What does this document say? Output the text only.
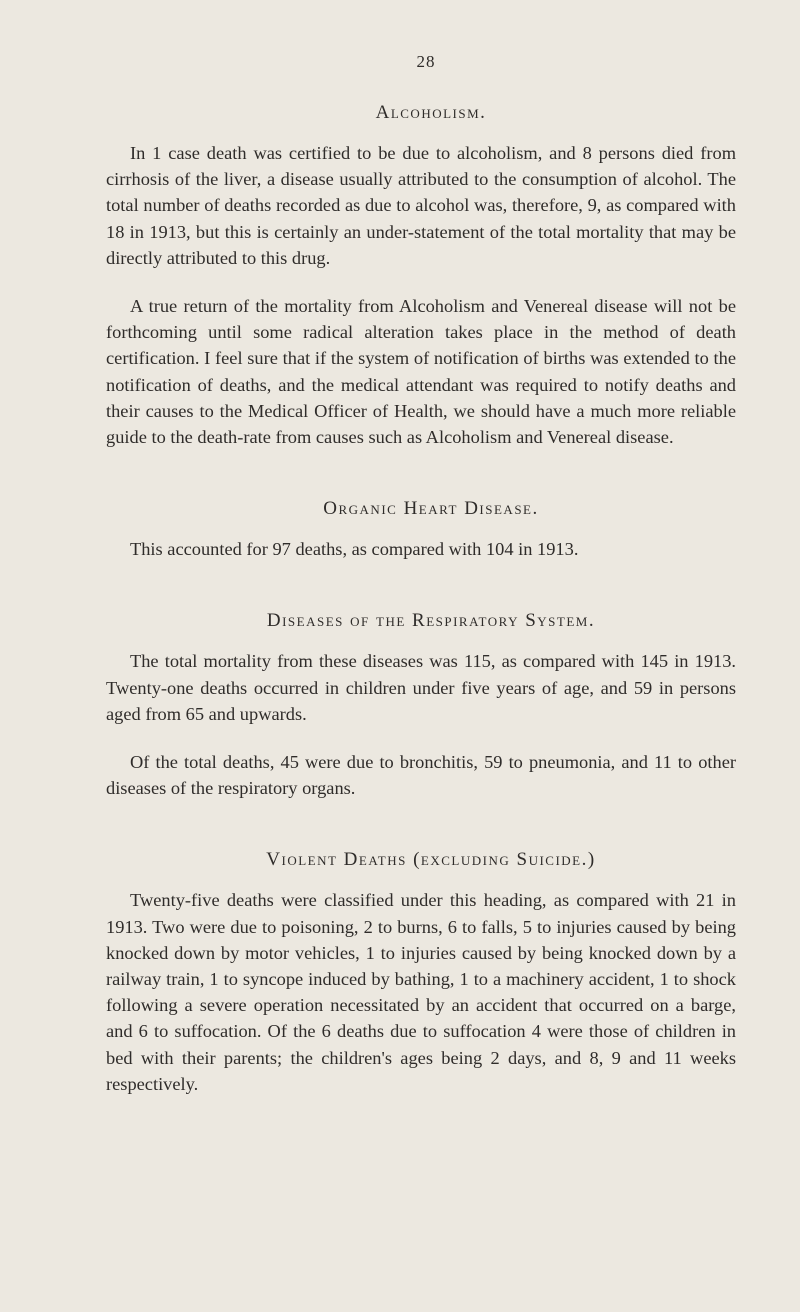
28
Alcoholism.

In 1 case death was certified to be due to alcoholism, and 8 persons died from cirrhosis of the liver, a disease usually attributed to the consumption of alcohol. The total number of deaths recorded as due to alcohol was, therefore, 9, as compared with 18 in 1913, but this is certainly an under-statement of the total mortality that may be directly attributed to this drug.

A true return of the mortality from Alcoholism and Venereal disease will not be forthcoming until some radical alteration takes place in the method of death certification. I feel sure that if the system of notification of births was extended to the notification of deaths, and the medical attendant was required to notify deaths and their causes to the Medical Officer of Health, we should have a much more reliable guide to the death-rate from causes such as Alcoholism and Venereal disease.

Organic Heart Disease.

This accounted for 97 deaths, as compared with 104 in 1913.

Diseases of the Respiratory System.

The total mortality from these diseases was 115, as compared with 145 in 1913. Twenty-one deaths occurred in children under five years of age, and 59 in persons aged from 65 and upwards.

Of the total deaths, 45 were due to bronchitis, 59 to pneumonia, and 11 to other diseases of the respiratory organs.

Violent Deaths (excluding Suicide.)

Twenty-five deaths were classified under this heading, as compared with 21 in 1913. Two were due to poisoning, 2 to burns, 6 to falls, 5 to injuries caused by being knocked down by motor vehicles, 1 to injuries caused by being knocked down by a railway train, 1 to syncope induced by bathing, 1 to a machinery accident, 1 to shock following a severe operation necessitated by an accident that occurred on a barge, and 6 to suffocation. Of the 6 deaths due to suffocation 4 were those of children in bed with their parents; the children's ages being 2 days, and 8, 9 and 11 weeks respectively.
